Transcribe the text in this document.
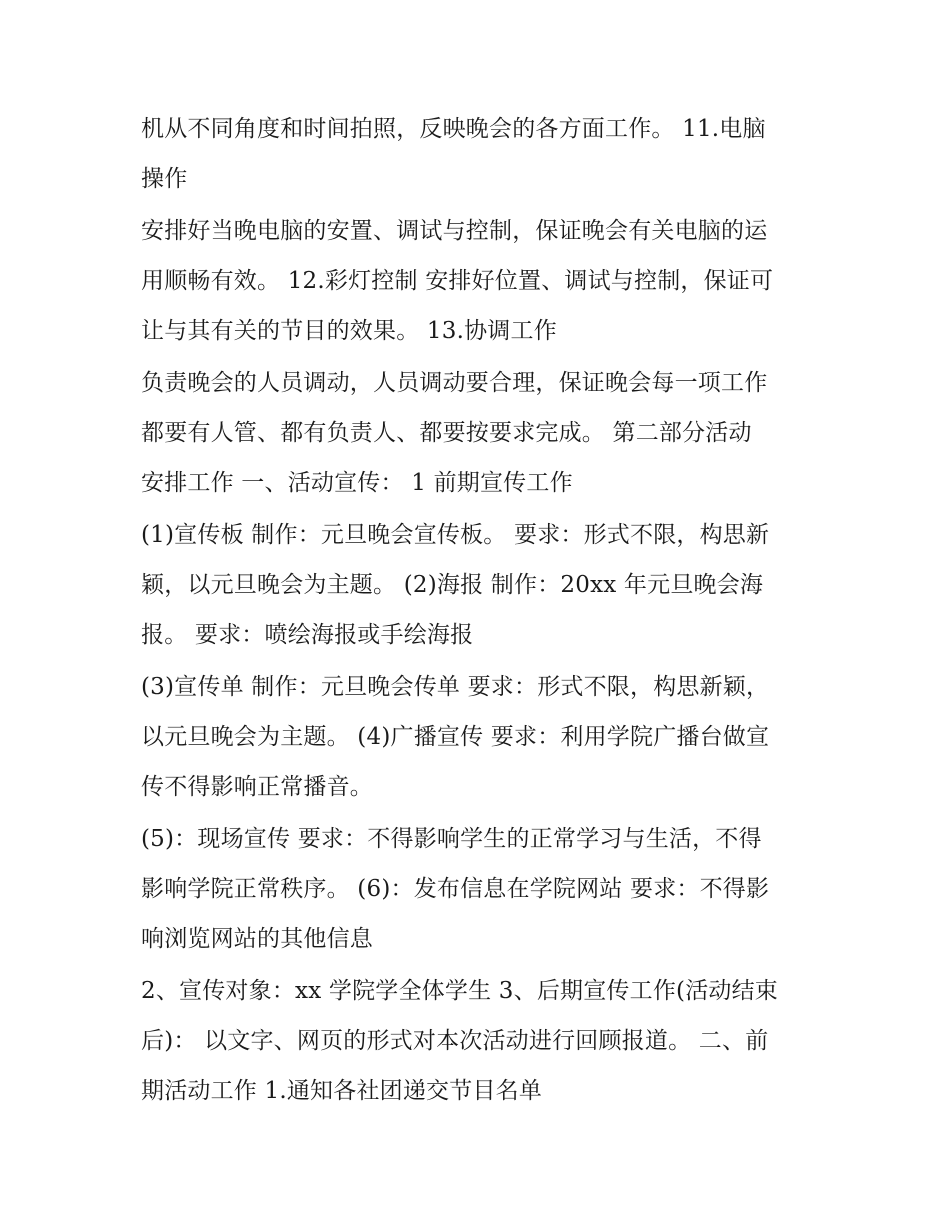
机从不同角度和时间拍照，反映晚会的各方面工作。 11.电脑
操作
安排好当晚电脑的安置、调试与控制，保证晚会有关电脑的运
用顺畅有效。 12.彩灯控制 安排好位置、调试与控制，保证可
让与其有关的节目的效果。 13.协调工作
负责晚会的人员调动，人员调动要合理，保证晚会每一项工作
都要有人管、都有负责人、都要按要求完成。 第二部分活动
安排工作 一、活动宣传： 1 前期宣传工作
(1)宣传板 制作：元旦晚会宣传板。 要求：形式不限，构思新
颖，以元旦晚会为主题。 (2)海报 制作：20xx 年元旦晚会海
报。 要求：喷绘海报或手绘海报
(3)宣传单 制作：元旦晚会传单 要求：形式不限，构思新颖，
以元旦晚会为主题。 (4)广播宣传 要求：利用学院广播台做宣
传不得影响正常播音。
(5)：现场宣传 要求：不得影响学生的正常学习与生活，不得
影响学院正常秩序。 (6)：发布信息在学院网站 要求：不得影
响浏览网站的其他信息
2、宣传对象：xx 学院学全体学生 3、后期宣传工作(活动结束
后)： 以文字、网页的形式对本次活动进行回顾报道。 二、前
期活动工作 1.通知各社团递交节目名单
